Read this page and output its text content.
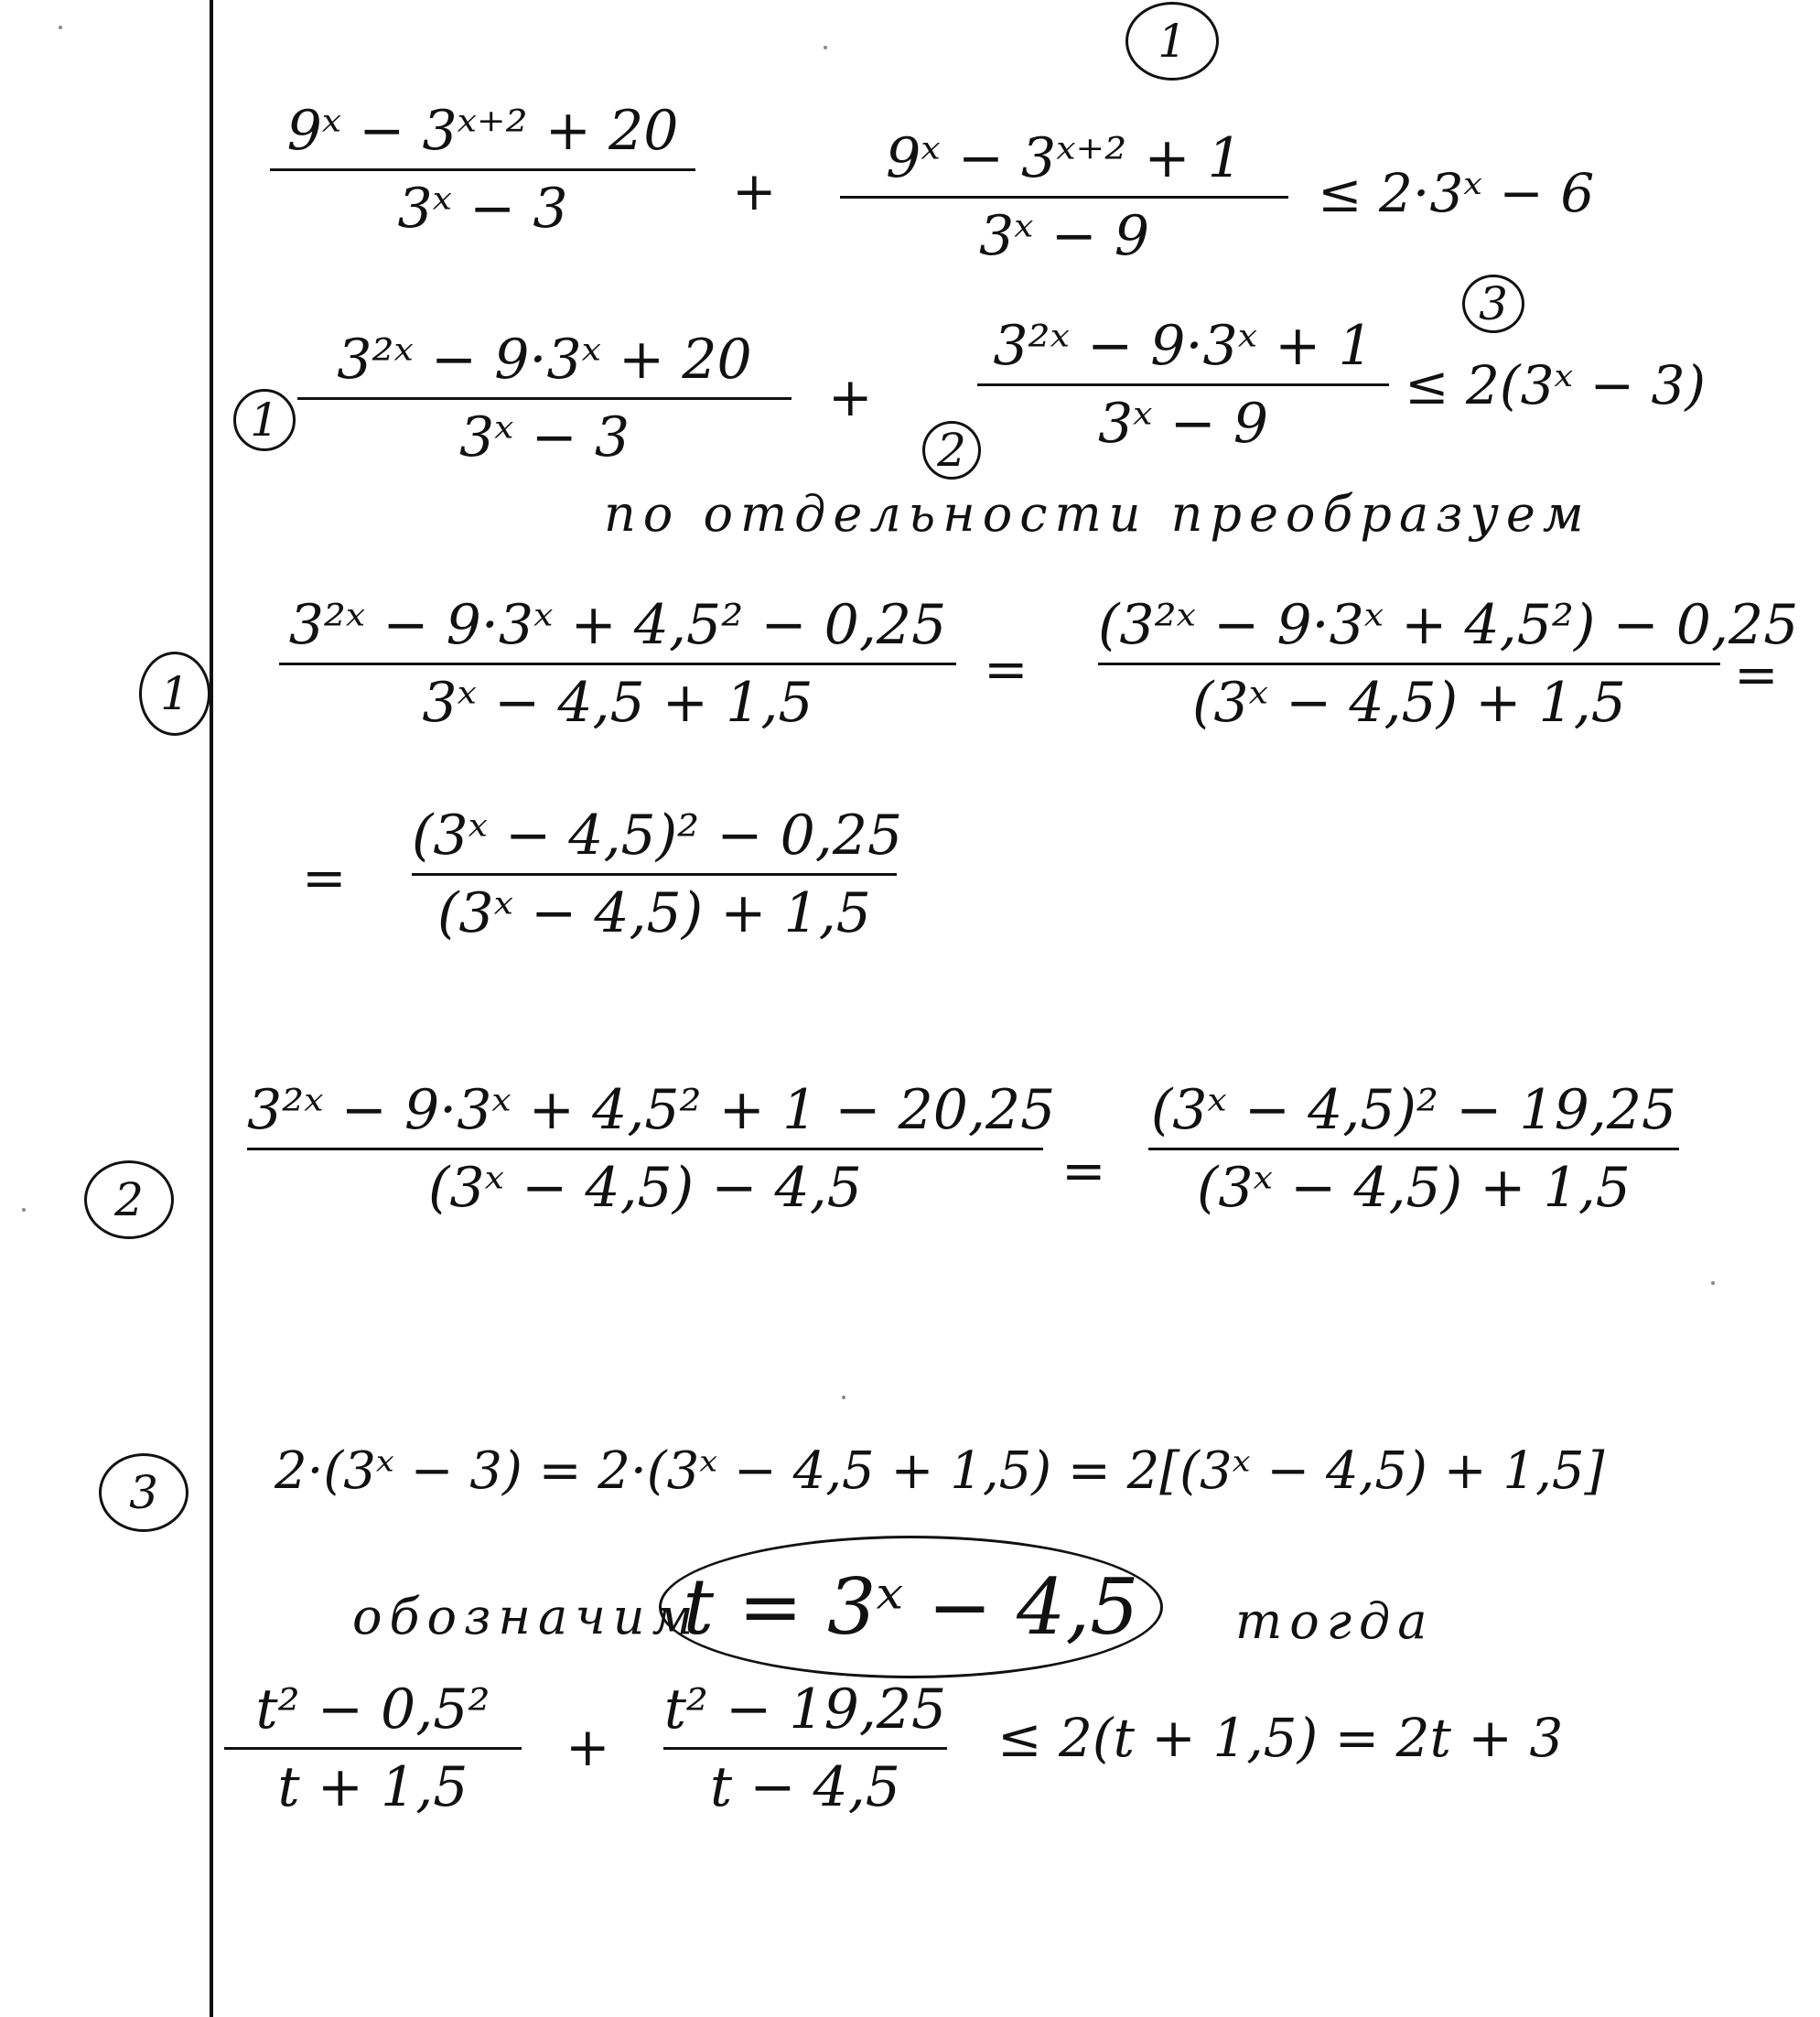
1
9ˣ − 3ˣ⁺² + 20
3ˣ − 3	+
9ˣ − 3ˣ⁺² + 1
3ˣ − 9
≤ 2·3ˣ − 6
1
3²ˣ − 9·3ˣ + 20
3ˣ − 3
+
2
3²ˣ − 9·3ˣ + 1
3ˣ − 9
3
≤ 2(3ˣ − 3)
по отдельности преобразуем
1
3²ˣ − 9·3ˣ + 4,5² − 0,25
3ˣ − 4,5 + 1,5
=
(3²ˣ − 9·3ˣ + 4,5²) − 0,25
(3ˣ − 4,5) + 1,5	=
=
(3ˣ − 4,5)² − 0,25
(3ˣ − 4,5) + 1,5
2
3²ˣ − 9·3ˣ + 4,5² + 1 − 20,25
(3ˣ − 4,5) − 4,5	=
(3ˣ − 4,5)² − 19,25
(3ˣ − 4,5) + 1,5
3 2·(3ˣ − 3) = 2·(3ˣ − 4,5 + 1,5) = 2[(3ˣ − 4,5) + 1,5]
обозначим
t = 3ˣ − 4,5 тогда
t² − 0,5²
t + 1,5
+
t² − 19,25
t − 4,5
≤ 2(t + 1,5) = 2t + 3
